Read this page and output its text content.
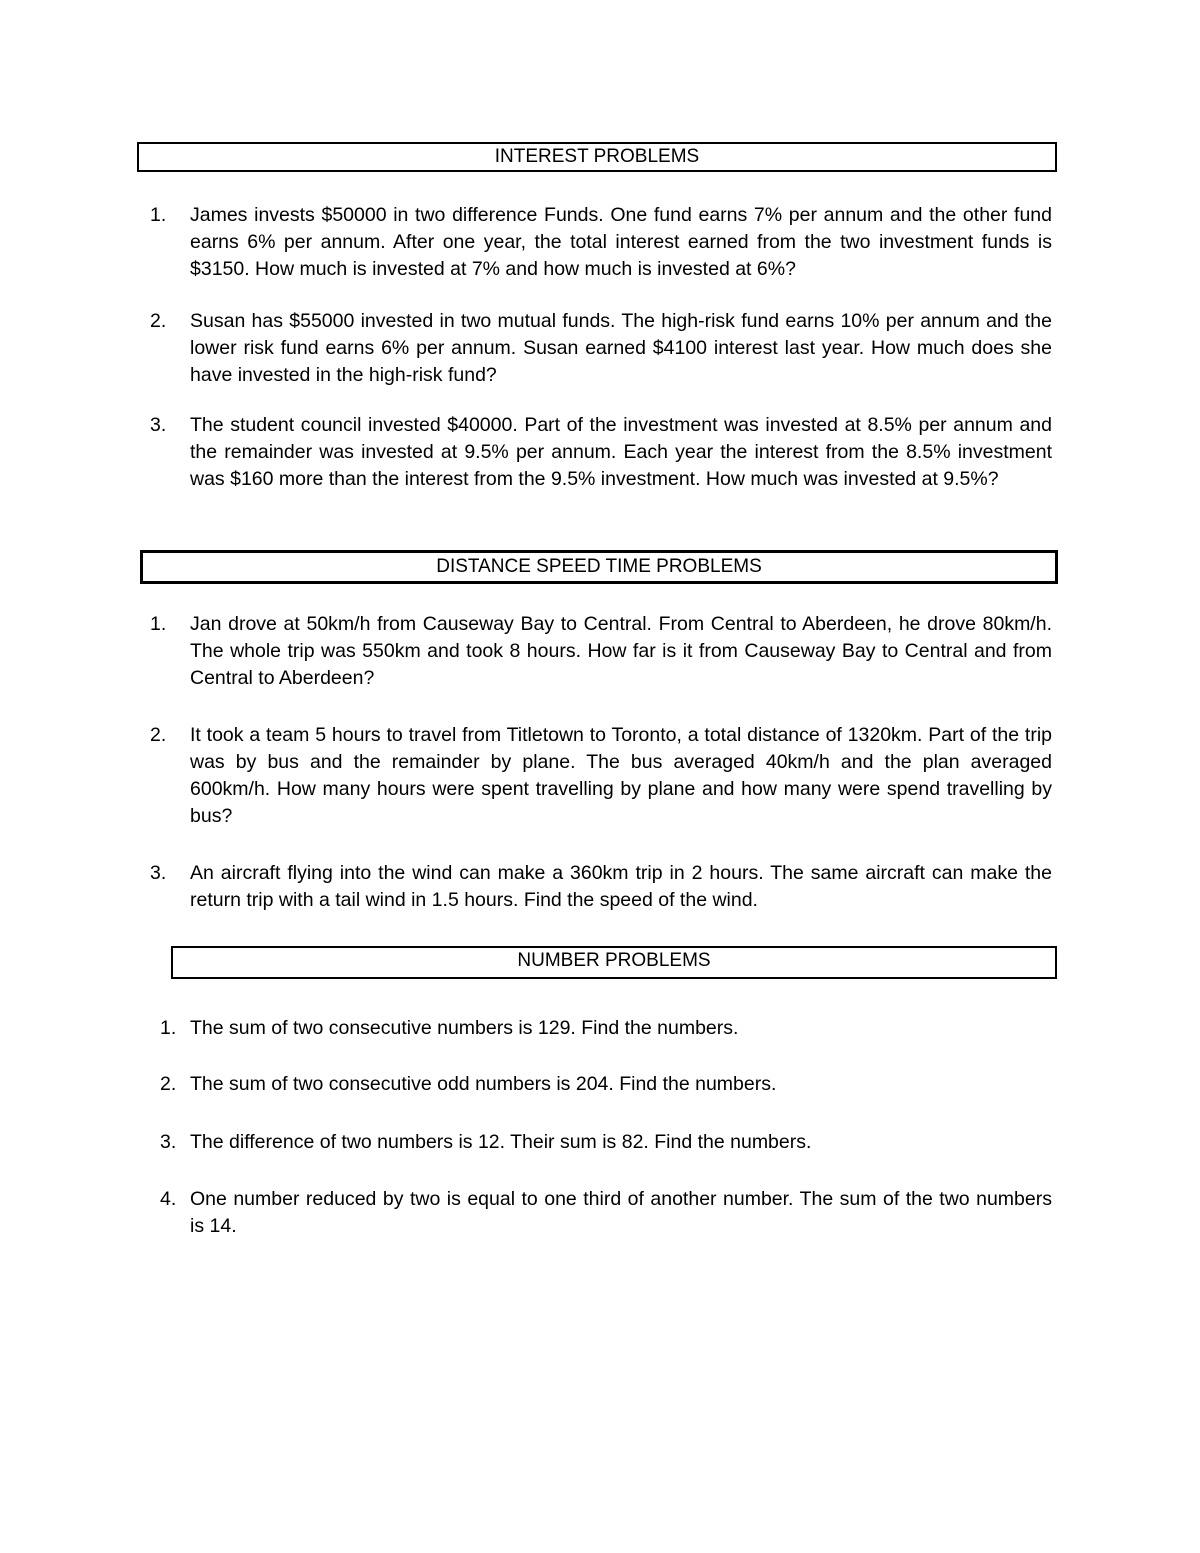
INTEREST PROBLEMS
1.	James invests $50000 in two difference Funds. One fund earns 7% per annum and the other fund earns 6% per annum. After one year, the total interest earned from the two investment funds is $3150. How much is invested at 7% and how much is invested at 6%?
2.	Susan has $55000 invested in two mutual funds. The high-risk fund earns 10% per annum and the lower risk fund earns 6% per annum. Susan earned $4100 interest last year. How much does she have invested in the high-risk fund?
3.	The student council invested $40000. Part of the investment was invested at 8.5% per annum and the remainder was invested at 9.5% per annum. Each year the interest from the 8.5% investment was $160 more than the interest from the 9.5% investment. How much was invested at 9.5%?
DISTANCE SPEED TIME PROBLEMS
1.	Jan drove at 50km/h from Causeway Bay to Central. From Central to Aberdeen, he drove 80km/h. The whole trip was 550km and took 8 hours. How far is it from Causeway Bay to Central and from Central to Aberdeen?
2.	It took a team 5 hours to travel from Titletown to Toronto, a total distance of 1320km. Part of the trip was by bus and the remainder by plane. The bus averaged 40km/h and the plan averaged 600km/h. How many hours were spent travelling by plane and how many were spend travelling by bus?
3.	An aircraft flying into the wind can make a 360km trip in 2 hours. The same aircraft can make the return trip with a tail wind in 1.5 hours. Find the speed of the wind.
NUMBER PROBLEMS
1. The sum of two consecutive numbers is 129. Find the numbers.
2. The sum of two consecutive odd numbers is 204. Find the numbers.
3. The difference of two numbers is 12. Their sum is 82. Find the numbers.
4. One number reduced by two is equal to one third of another number. The sum of the two numbers is 14.
